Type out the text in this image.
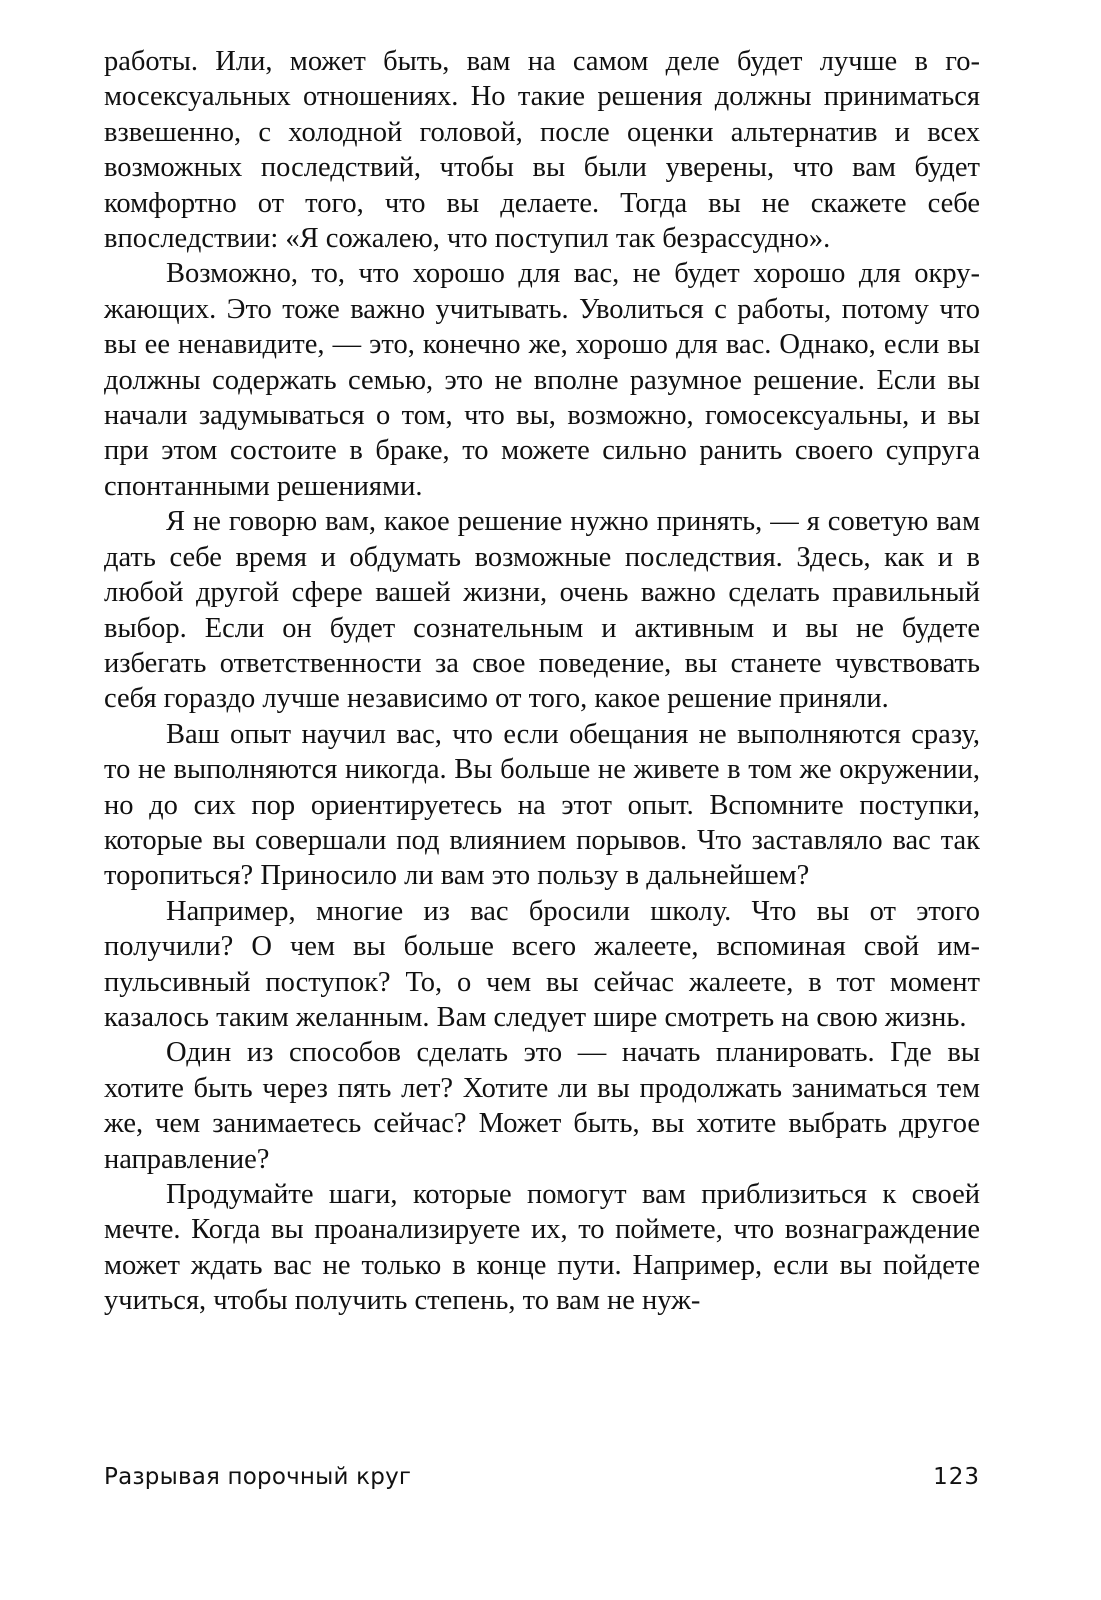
работы. Или, может быть, вам на самом деле будет лучше в гомосексуальных отношениях. Но такие решения должны приниматься взвешенно, с холодной головой, после оценки альтернатив и всех возможных последствий, чтобы вы были уверены, что вам будет комфортно от того, что вы делаете. Тогда вы не скажете себе впоследствии: «Я сожалею, что поступил так безрассудно».

Возможно, то, что хорошо для вас, не будет хорошо для окружающих. Это тоже важно учитывать. Уволиться с работы, потому что вы ее ненавидите, — это, конечно же, хорошо для вас. Однако, если вы должны содержать семью, это не вполне разумное решение. Если вы начали задумываться о том, что вы, возможно, гомосексуальны, и вы при этом состоите в браке, то можете сильно ранить своего супруга спонтанными решениями.

Я не говорю вам, какое решение нужно принять, — я советую вам дать себе время и обдумать возможные последствия. Здесь, как и в любой другой сфере вашей жизни, очень важно сделать правильный выбор. Если он будет сознательным и активным и вы не будете избегать ответственности за свое поведение, вы станете чувствовать себя гораздо лучше независимо от того, какое решение приняли.

Ваш опыт научил вас, что если обещания не выполняются сразу, то не выполняются никогда. Вы больше не живете в том же окружении, но до сих пор ориентируетесь на этот опыт. Вспомните поступки, которые вы совершали под влиянием порывов. Что заставляло вас так торопиться? Приносило ли вам это пользу в дальнейшем?

Например, многие из вас бросили школу. Что вы от этого получили? О чем вы больше всего жалеете, вспоминая свой импульсивный поступок? То, о чем вы сейчас жалеете, в тот момент казалось таким желанным. Вам следует шире смотреть на свою жизнь.

Один из способов сделать это — начать планировать. Где вы хотите быть через пять лет? Хотите ли вы продолжать заниматься тем же, чем занимаетесь сейчас? Может быть, вы хотите выбрать другое направление?

Продумайте шаги, которые помогут вам приблизиться к своей мечте. Когда вы проанализируете их, то поймете, что вознаграждение может ждать вас не только в конце пути. Например, если вы пойдете учиться, чтобы получить степень, то вам не нуж-

Разрывая порочный круг	123
